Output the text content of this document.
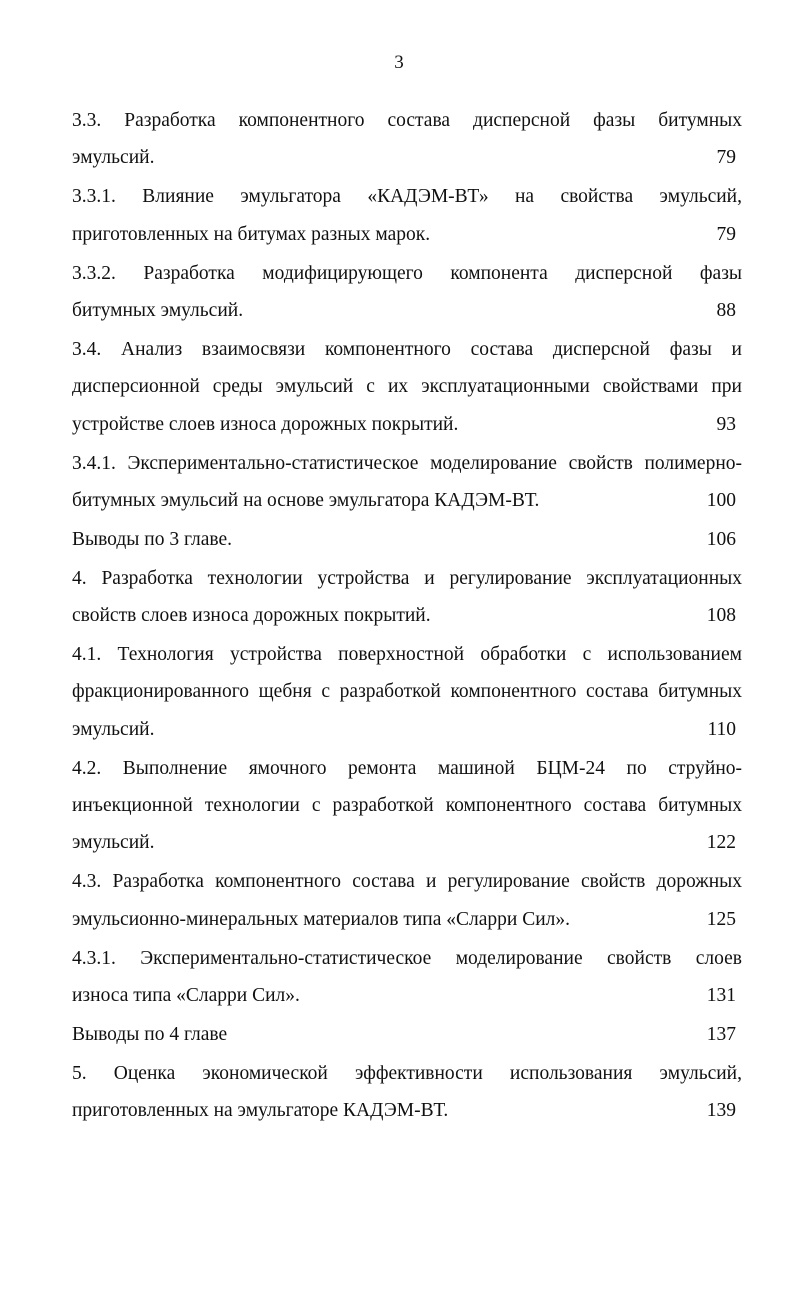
3
3.3. Разработка компонентного состава дисперсной фазы битумных
эмульсий.	79
3.3.1. Влияние эмульгатора «КАДЭМ-ВТ» на свойства эмульсий,
приготовленных на битумах разных марок.	79
3.3.2. Разработка модифицирующего компонента дисперсной фазы
битумных эмульсий.	88
3.4. Анализ взаимосвязи компонентного состава дисперсной фазы и
дисперсионной среды эмульсий с их эксплуатационными свойствами при
устройстве слоев износа дорожных покрытий.	93
3.4.1. Экспериментально-статистическое моделирование свойств полимерно-
битумных эмульсий на основе эмульгатора КАДЭМ-ВТ.	100
Выводы по 3 главе.	106
4. Разработка технологии устройства и регулирование эксплуатационных
свойств слоев износа дорожных покрытий.	108
4.1. Технология устройства поверхностной обработки с использованием
фракционированного щебня с разработкой компонентного состава битумных
эмульсий.	110
4.2. Выполнение ямочного ремонта машиной БЦМ-24 по струйно-
инъекционной технологии с разработкой компонентного состава битумных
эмульсий.	122
4.3. Разработка компонентного состава и регулирование свойств дорожных
эмульсионно-минеральных материалов типа «Сларри Сил».	125
4.3.1. Экспериментально-статистическое моделирование свойств слоев
износа типа «Сларри Сил».	131
Выводы по 4 главе	137
5. Оценка экономической эффективности использования эмульсий,
приготовленных на эмульгаторе КАДЭМ-ВТ.	139
